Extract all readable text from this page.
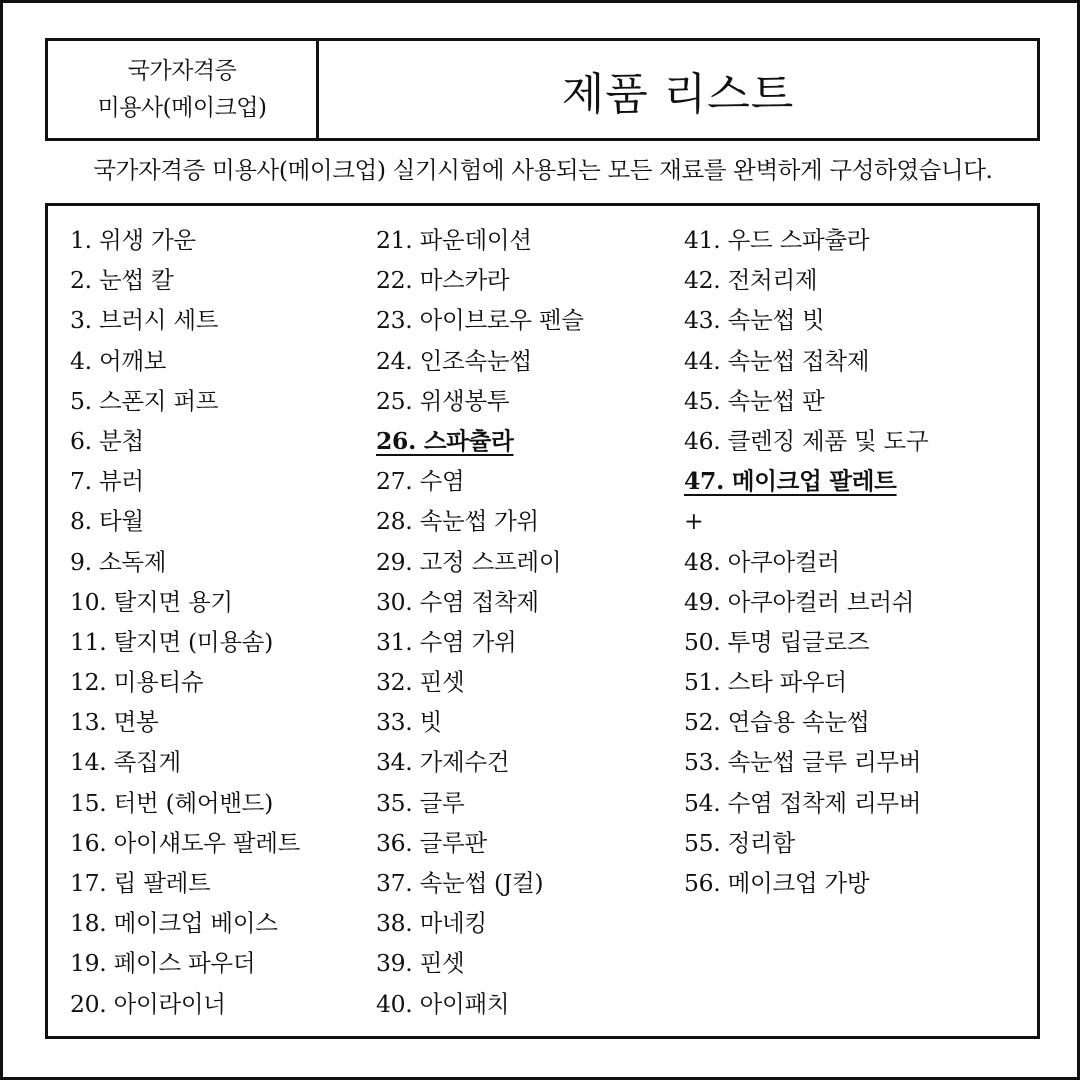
국가자격증
미용사(메이크업)	제품 리스트
국가자격증 미용사(메이크업) 실기시험에 사용되는 모든 재료를 완벽하게 구성하였습니다.
1. 위생 가운
2. 눈썹 칼
3. 브러시 세트
4. 어깨보
5. 스폰지 퍼프
6. 분첩
7. 뷰러
8. 타월
9. 소독제
10. 탈지면 용기
11. 탈지면 (미용솜)
12. 미용티슈
13. 면봉
14. 족집게
15. 터번 (헤어밴드)
16. 아이섀도우 팔레트
17. 립 팔레트
18. 메이크업 베이스
19. 페이스 파우더
20. 아이라이너
21. 파운데이션
22. 마스카라
23. 아이브로우 펜슬
24. 인조속눈썹
25. 위생봉투
26. 스파츌라
27. 수염
28. 속눈썹 가위
29. 고정 스프레이
30. 수염 접착제
31. 수염 가위
32. 핀셋
33. 빗
34. 가제수건
35. 글루
36. 글루판
37. 속눈썹 (J컬)
38. 마네킹
39. 핀셋
40. 아이패치
41. 우드 스파츌라
42. 전처리제
43. 속눈썹 빗
44. 속눈썹 접착제
45. 속눈썹 판
46. 클렌징 제품 및 도구
47. 메이크업 팔레트
+
48. 아쿠아컬러
49. 아쿠아컬러 브러쉬
50. 투명 립글로즈
51. 스타 파우더
52. 연습용 속눈썹
53. 속눈썹 글루 리무버
54. 수염 접착제 리무버
55. 정리함
56. 메이크업 가방
